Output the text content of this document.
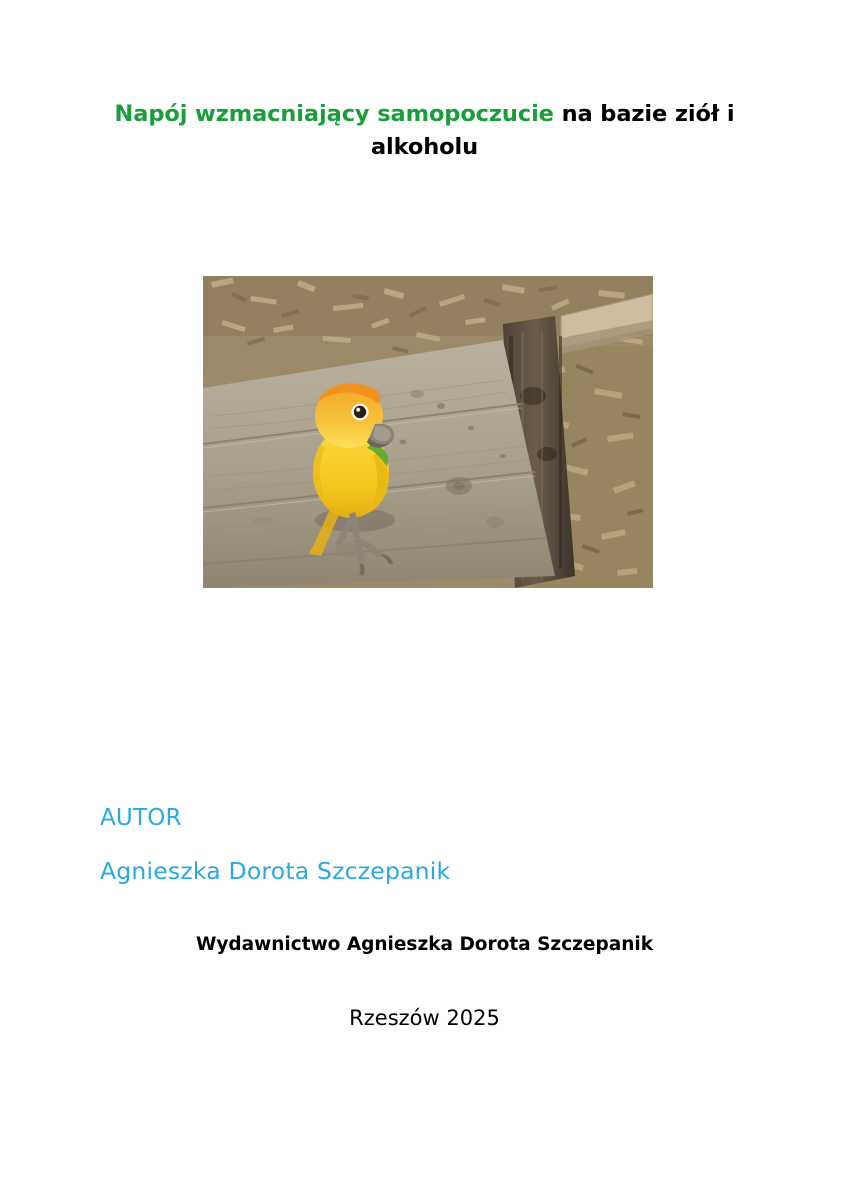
Napój wzmacniający samopoczucie na bazie ziół i alkoholu
AUTOR
Agnieszka Dorota Szczepanik
Wydawnictwo Agnieszka Dorota Szczepanik
Rzeszów 2025
